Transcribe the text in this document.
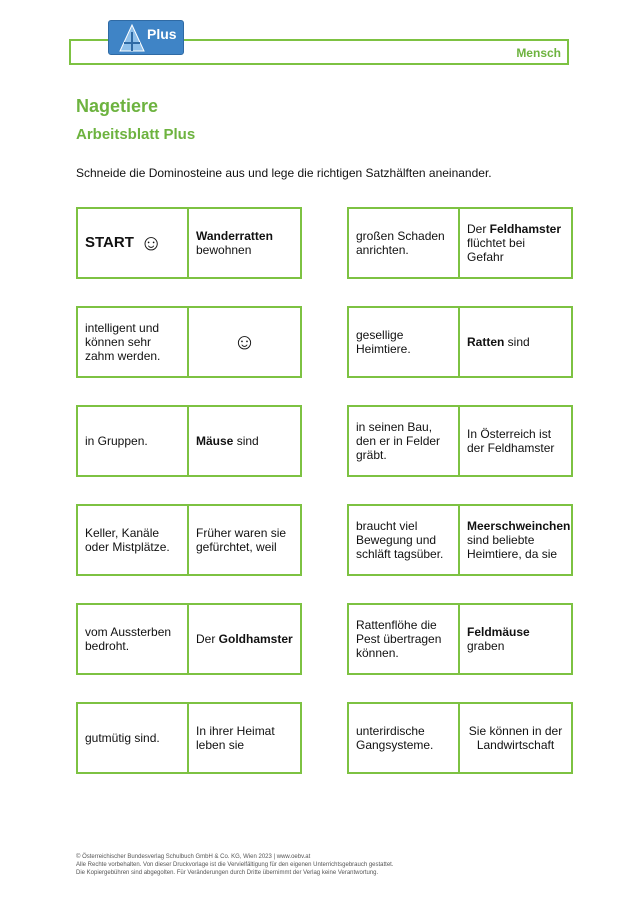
Mensch
Plus
Nagetiere
Arbeitsblatt Plus
Schneide die Dominosteine aus und lege die richtigen Satzhälften aneinander.
START ☺	Wanderratten
bewohnen
großen Schaden
anrichten.
Der Feldhamster
flüchtet bei Gefahr
intelligent und
können sehr
zahm werden.
☺	gesellige
Heimtiere.	Ratten sind
in Gruppen.	Mäuse sind
in seinen Bau,
den er in Felder
gräbt.
In Österreich ist
der Feldhamster
Keller, Kanäle
oder Mistplätze.
Früher waren sie
gefürchtet, weil
braucht viel
Bewegung und
schläft tagsüber.
Meerschweinchen
sind beliebte
Heimtiere, da sie
vom Aussterben
bedroht.	Der Goldhamster
Rattenflöhe die
Pest übertragen
können.
Feldmäuse graben
gutmütig sind.	In ihrer Heimat
leben sie
unterirdische
Gangsysteme.
Sie können in der
Landwirtschaft
© Österreichischer Bundesverlag Schulbuch GmbH & Co. KG, Wien 2023 | www.oebv.at
Alle Rechte vorbehalten. Von dieser Druckvorlage ist die Vervielfältigung für den eigenen Unterrichtsgebrauch gestattet.
Die Kopiergebühren sind abgegolten. Für Veränderungen durch Dritte übernimmt der Verlag keine Verantwortung.
